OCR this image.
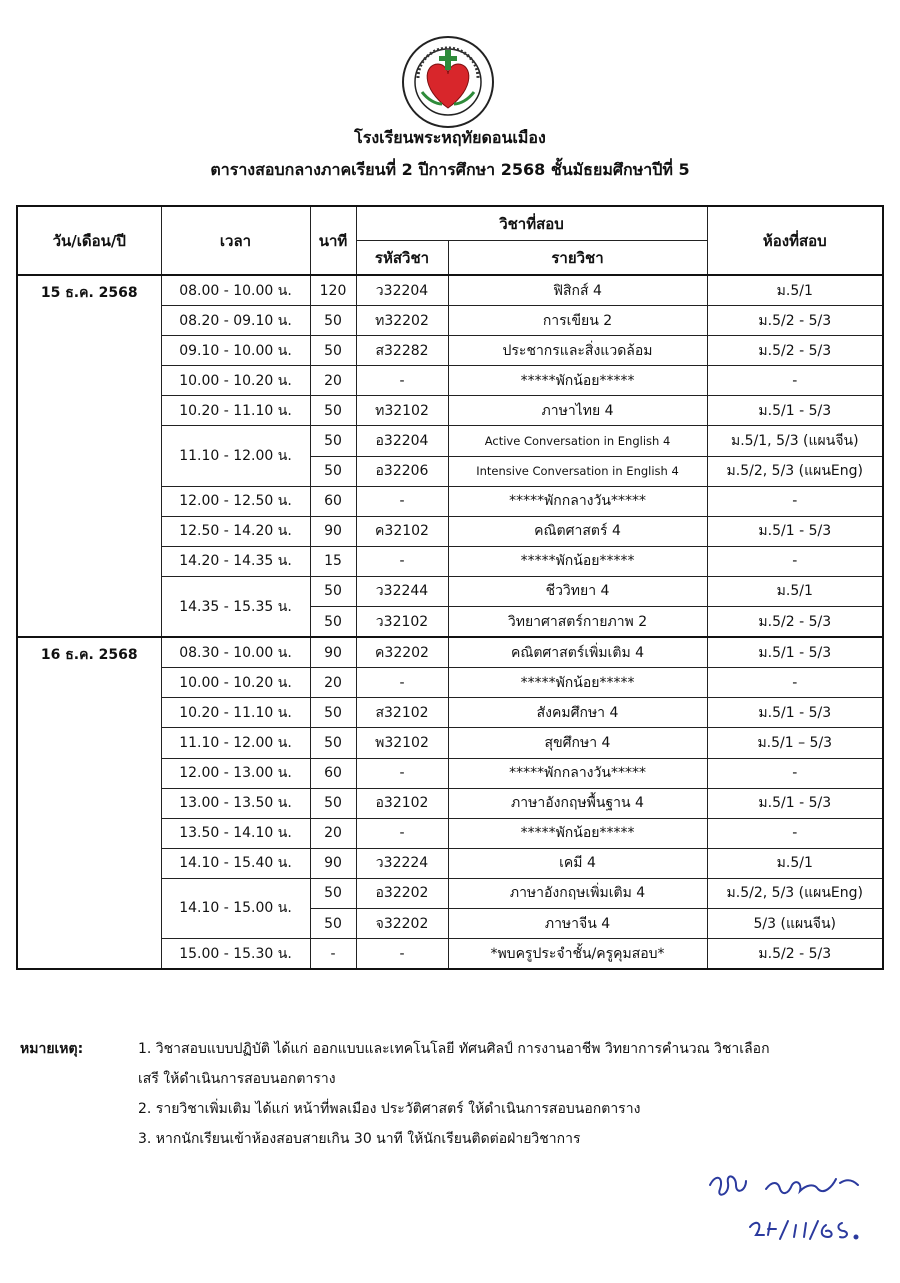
โรงเรียนพระหฤทัยดอนเมือง
ตารางสอบกลางภาคเรียนที่ 2 ปีการศึกษา 2568 ชั้นมัธยมศึกษาปีที่ 5
วัน/เดือน/ปี	เวลา	นาที	วิชาที่สอบ		ห้องที่สอบ
			รหัสวิชา	รายวิชา	
15 ธ.ค. 2568	08.00 - 10.00 น.	120	ว32204	ฟิสิกส์ 4	ม.5/1
	08.20 - 09.10 น.	50	ท32202	การเขียน 2	ม.5/2 - 5/3
	09.10 - 10.00 น.	50	ส32282	ประชากรและสิ่งแวดล้อม	ม.5/2 - 5/3
	10.00 - 10.20 น.	20	-	*****พักน้อย*****	-
	10.20 - 11.10 น.	50	ท32102	ภาษาไทย 4	ม.5/1 - 5/3
	11.10 - 12.00 น.	50	อ32204	Active Conversation in English 4	ม.5/1, 5/3 (แผนจีน)
		50	อ32206	Intensive Conversation in English 4	ม.5/2, 5/3 (แผนEng)
	12.00 - 12.50 น.	60	-	*****พักกลางวัน*****	-
	12.50 - 14.20 น.	90	ค32102	คณิตศาสตร์ 4	ม.5/1 - 5/3
	14.20 - 14.35 น.	15	-	*****พักน้อย*****	-
	14.35 - 15.35 น.	50	ว32244	ชีววิทยา 4	ม.5/1
		50	ว32102	วิทยาศาสตร์กายภาพ 2	ม.5/2 - 5/3
16 ธ.ค. 2568	08.30 - 10.00 น.	90	ค32202	คณิตศาสตร์เพิ่มเติม 4	ม.5/1 - 5/3
	10.00 - 10.20 น.	20	-	*****พักน้อย*****	-
	10.20 - 11.10 น.	50	ส32102	สังคมศึกษา 4	ม.5/1 - 5/3
	11.10 - 12.00 น.	50	พ32102	สุขศึกษา 4	ม.5/1 – 5/3
	12.00 - 13.00 น.	60	-	*****พักกลางวัน*****	-
	13.00 - 13.50 น.	50	อ32102	ภาษาอังกฤษพื้นฐาน 4	ม.5/1 - 5/3
	13.50 - 14.10 น.	20	-	*****พักน้อย*****	-
	14.10 - 15.40 น.	90	ว32224	เคมี 4	ม.5/1
	14.10 - 15.00 น.	50	อ32202	ภาษาอังกฤษเพิ่มเติม 4	ม.5/2, 5/3 (แผนEng)
		50	จ32202	ภาษาจีน 4	5/3 (แผนจีน)
	15.00 - 15.30 น.	-	-	*พบครูประจำชั้น/ครูคุมสอบ*	ม.5/2 - 5/3
หมายเหตุ:	1. วิชาสอบแบบปฏิบัติ ได้แก่ ออกแบบและเทคโนโลยี ทัศนศิลป์ การงานอาชีพ วิทยาการคำนวณ วิชาเลือก
เสรี ให้ดำเนินการสอบนอกตาราง
2. รายวิชาเพิ่มเติม ได้แก่ หน้าที่พลเมือง ประวัติศาสตร์ ให้ดำเนินการสอบนอกตาราง
3. หากนักเรียนเข้าห้องสอบสายเกิน 30 นาที ให้นักเรียนติดต่อฝ่ายวิชาการ
